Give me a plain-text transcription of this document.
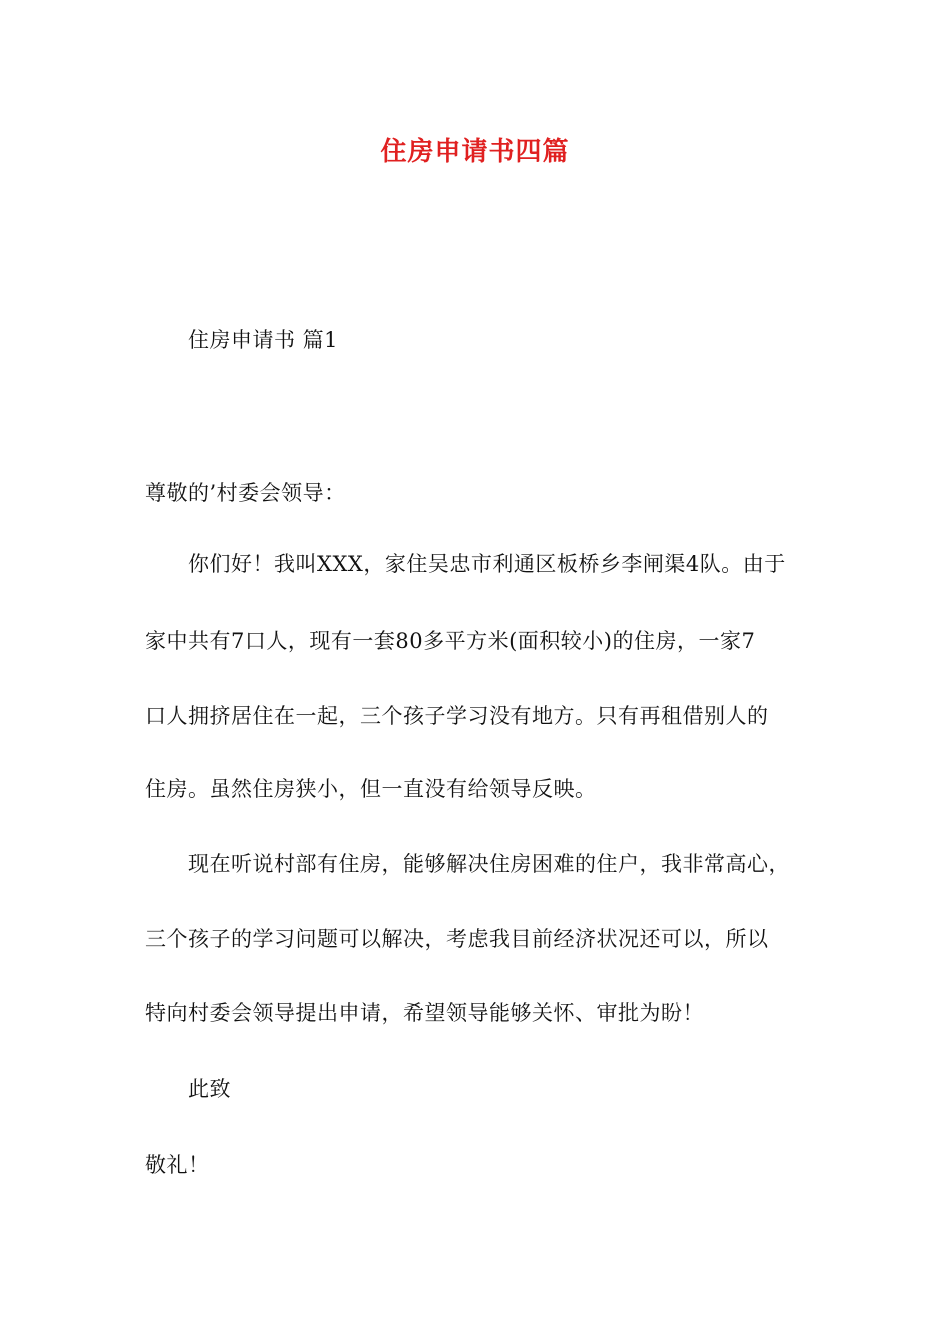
住房申请书四篇
住房申请书 篇1
尊敬的’村委会领导：
你们好！我叫XXX，家住吴忠市利通区板桥乡李闸渠4队。由于
家中共有7口人，现有一套80多平方米(面积较小)的住房，一家7
口人拥挤居住在一起，三个孩子学习没有地方。只有再租借别人的
住房。虽然住房狭小，但一直没有给领导反映。
现在听说村部有住房，能够解决住房困难的住户，我非常高心，
三个孩子的学习问题可以解决，考虑我目前经济状况还可以，所以
特向村委会领导提出申请，希望领导能够关怀、审批为盼！
此致
敬礼！
